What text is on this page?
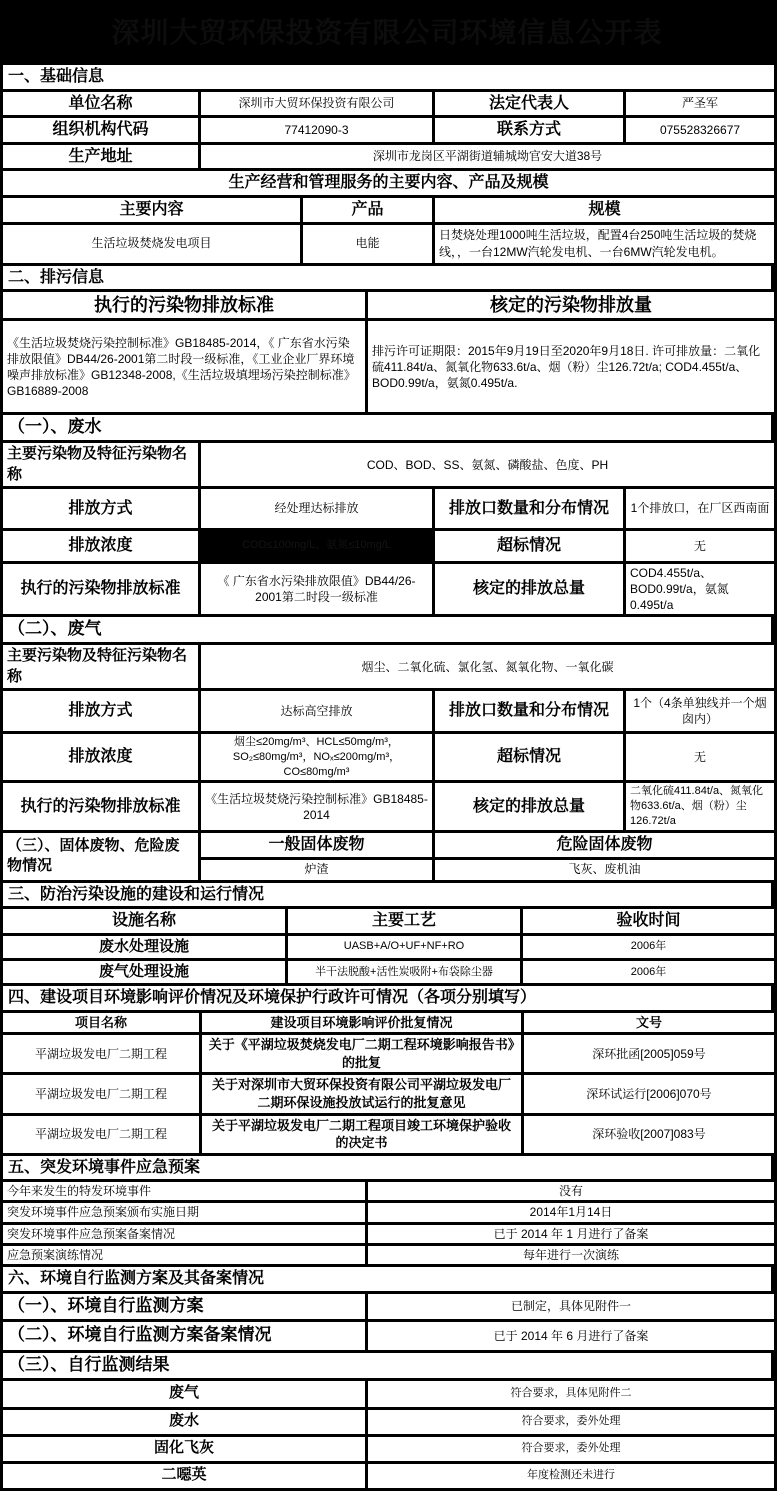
深圳大贸环保投资有限公司环境信息公开表
一、基础信息			
单位名称	深圳市大贸环保投资有限公司	法定代表人	严圣军
组织机构代码	77412090-3	联系方式	075528326677
生产地址	深圳市龙岗区平湖街道辅城坳官安大道38号		
生产经营和管理服务的主要内容、产品及规模		
主要内容	产品	规模
生活垃圾焚烧发电项目	电能	日焚烧处理1000吨生活垃圾，配置4台250吨生活垃圾的焚烧线，，一台12MW汽轮发电机、一台6MW汽轮发电机。
二、排污信息
执行的污染物排放标准	核定的污染物排放量
《生活垃圾焚烧污染控制标准》GB18485-2014，《 广东省水污染排放限值》DB44/26-2001第二时段一级标准，《工业企业厂界环境噪声排放标准》GB12348-2008,《生活垃圾填埋场污染控制标准》GB16889-2008	排污许可证期限：2015年9月19日至2020年9月18日. 许可排放量：二氧化硫411.84t/a、氮氧化物633.6t/a、烟（粉）尘126.72t/a; COD4.455t/a、BOD0.99t/a，氨氮0.495t/a.
（一）、废水
主要污染物及特征污染物名称	COD、BOD、SS、氨氮、磷酸盐、色度、PH		
排放方式	经处理达标排放	排放口数量和分布情况	1个排放口，在厂区西南面
排放浓度	COD≤100mg/L、氨氮≤10mg/L	超标情况	无
执行的污染物排放标准	《 广东省水污染排放限值》DB44/26-2001第二时段一级标准	核定的排放总量	COD4.455t/a、BOD0.99t/a，氨氮0.495t/a
（二）、废气
主要污染物及特征污染物名称	烟尘、二氧化硫、氯化氢、氮氧化物、一氧化碳		
排放方式	达标高空排放	排放口数量和分布情况	1个（4条单独线并一个烟囱内）
排放浓度	烟尘≤20mg/m³、HCL≤50mg/m³，SO₂≤80mg/m³，NOₓ≤200mg/m³，CO≤80mg/m³	超标情况	无
执行的污染物排放标准	《生活垃圾焚烧污染控制标准》GB18485-2014	核定的排放总量	二氧化硫411.84t/a、氮氧化物633.6t/a、烟（粉）尘126.72t/a
（三）、固体废物、危险废物情况	一般固体废物	危险固体废物
	炉渣	飞灰、废机油
三、防治污染设施的建设和运行情况
设施名称	主要工艺	验收时间
废水处理设施	UASB+A/O+UF+NF+RO	2006年
废气处理设施	半干法脱酸+活性炭吸附+布袋除尘器	2006年
四、建设项目环境影响评价情况及环境保护行政许可情况（各项分别填写）
项目名称	建设项目环境影响评价批复情况	文号
平湖垃圾发电厂二期工程	关于《平湖垃圾焚烧发电厂二期工程环境影响报告书》的批复	深环批函[2005]059号
平湖垃圾发电厂二期工程	关于对深圳市大贸环保投资有限公司平湖垃圾发电厂二期环保设施投放试运行的批复意见	深环试运行[2006]070号
平湖垃圾发电厂二期工程	关于平湖垃圾发电厂二期工程项目竣工环境保护验收的决定书	深环验收[2007]083号
五、突发环境事件应急预案
今年来发生的特发环境事件	没有
突发环境事件应急预案颁布实施日期	2014年1月14日
突发环境事件应急预案备案情况	已于 2014 年 1 月进行了备案
应急预案演练情况	每年进行一次演练
六、环境自行监测方案及其备案情况
（一）、环境自行监测方案	已制定，具体见附件一
（二）、环境自行监测方案备案情况	已于 2014 年 6 月进行了备案
（三）、自行监测结果
废气	符合要求，具体见附件二
废水	符合要求，委外处理
固化飞灰	符合要求，委外处理
二噁英	年度检测还未进行
